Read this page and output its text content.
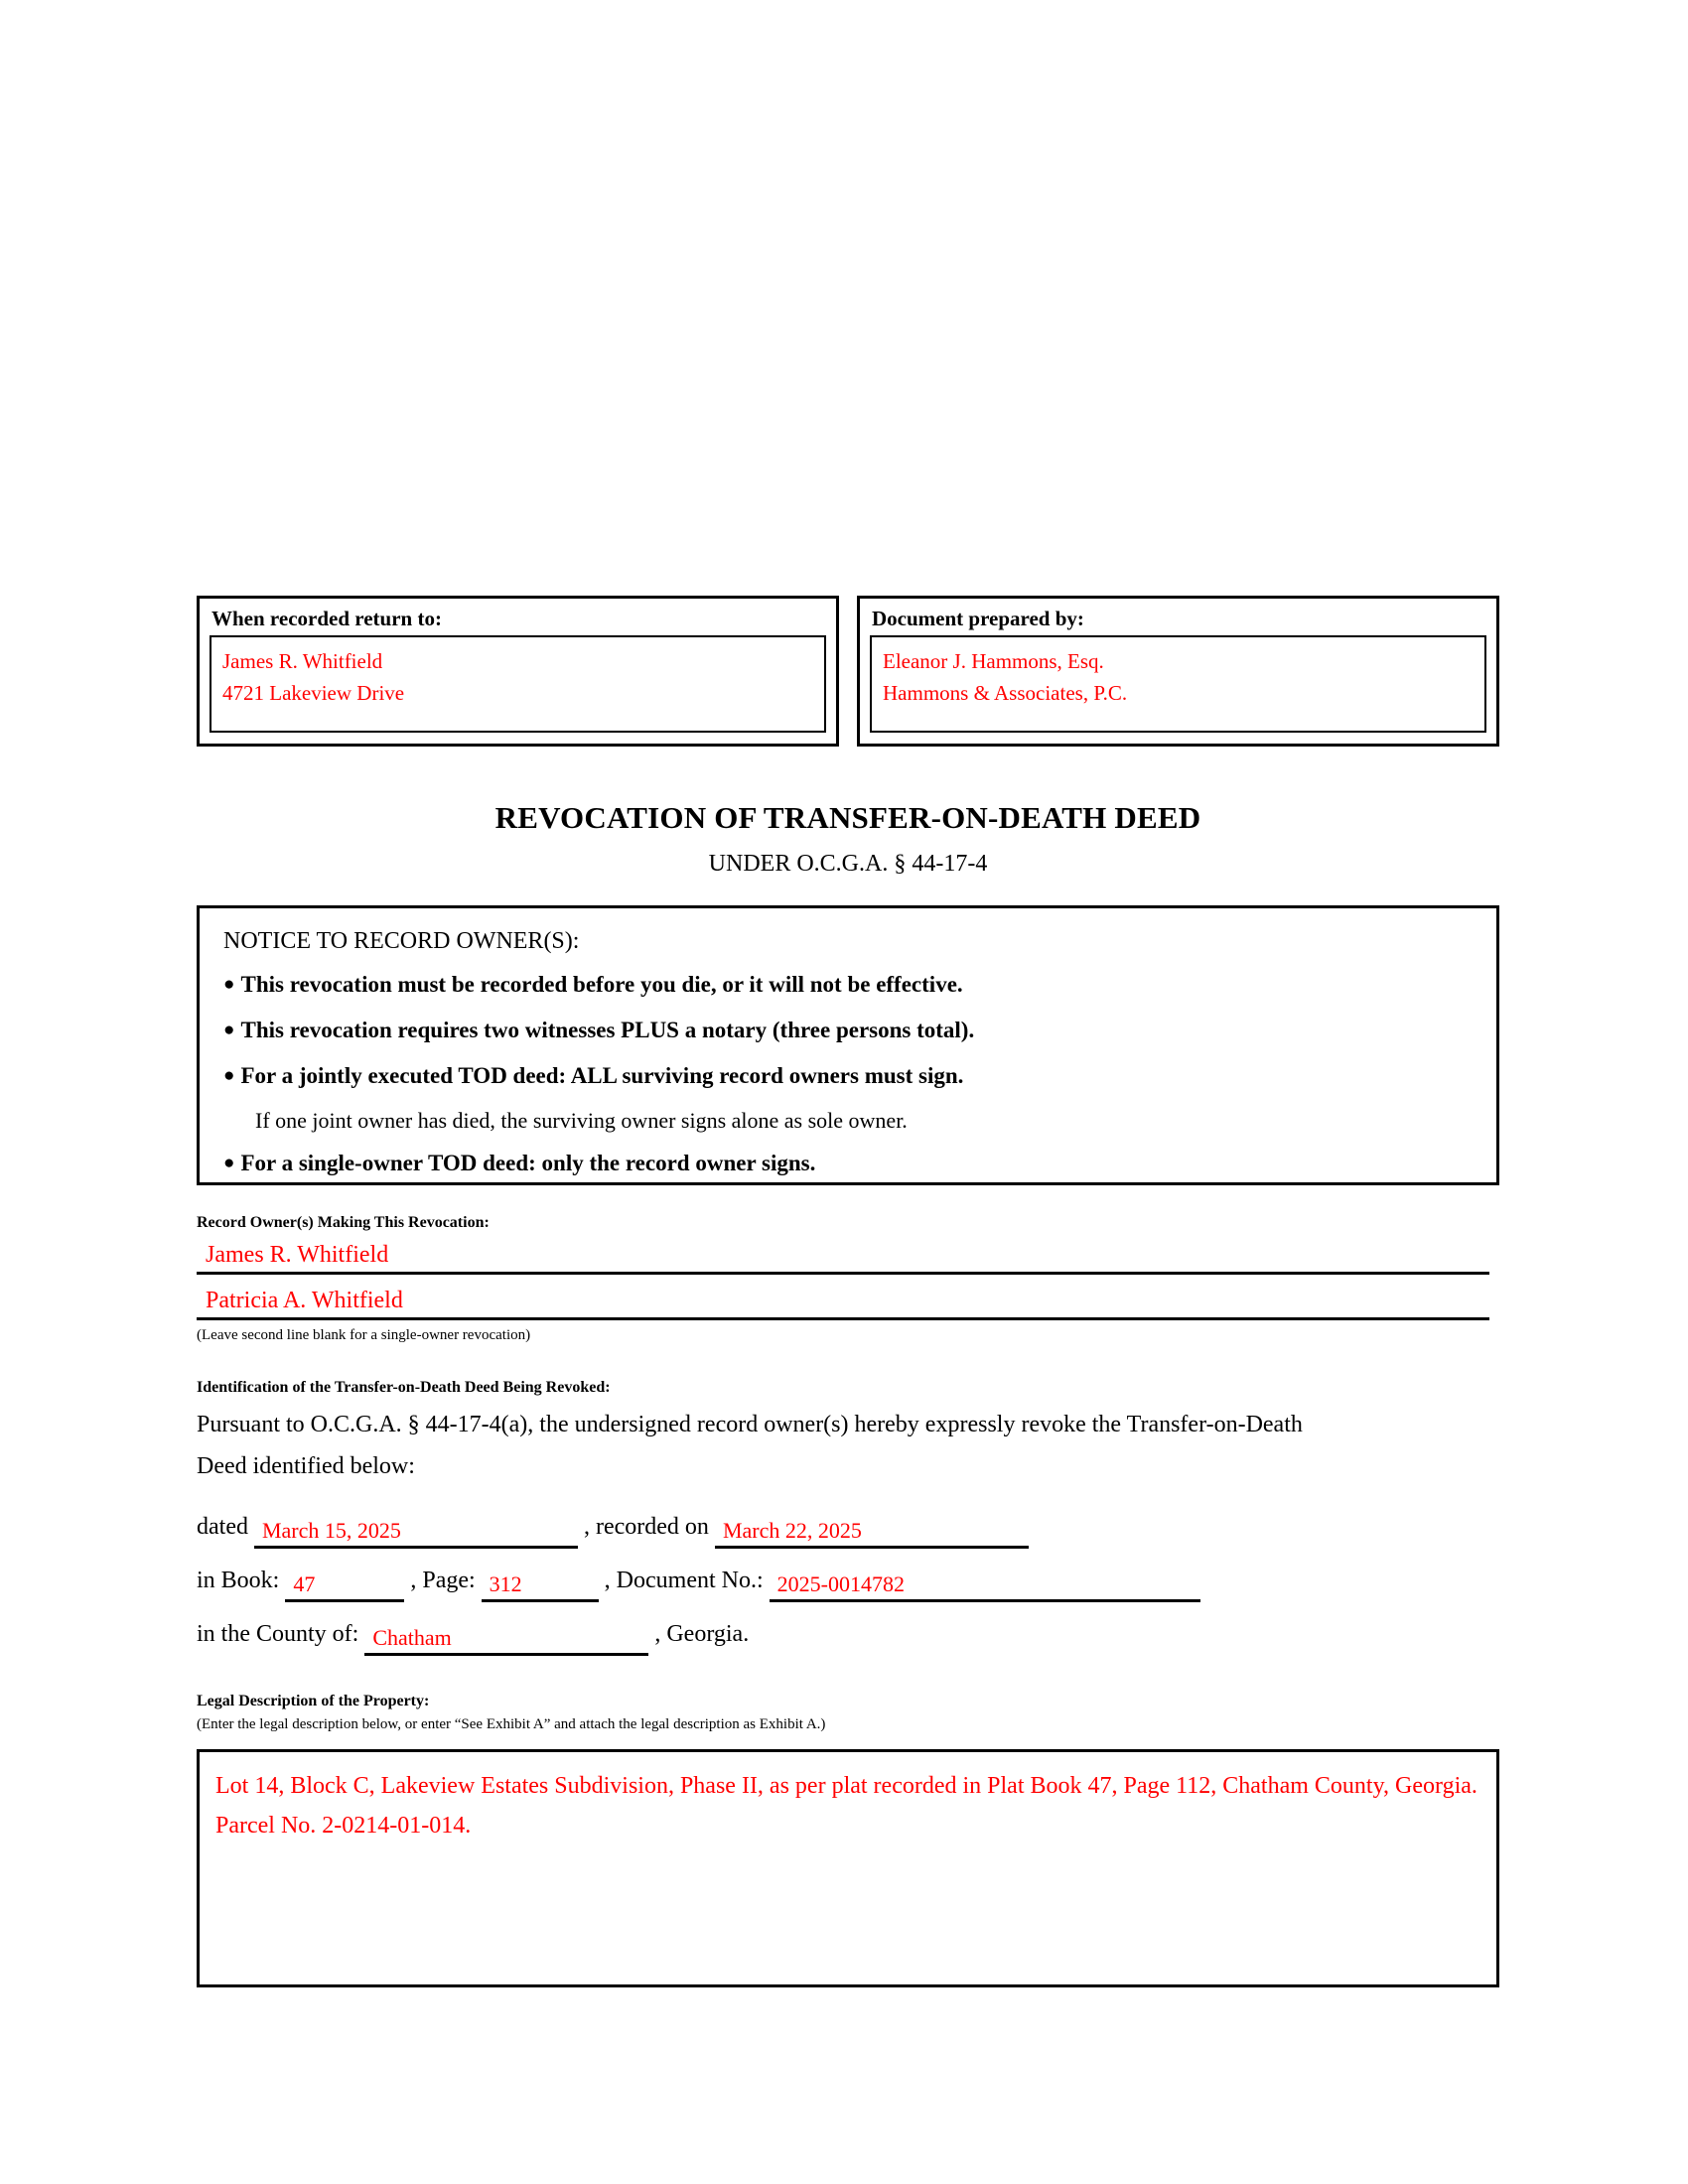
When recorded return to:
James R. Whitfield
4721 Lakeview Drive
Document prepared by:
Eleanor J. Hammons, Esq.
Hammons & Associates, P.C.
REVOCATION OF TRANSFER-ON-DEATH DEED
UNDER O.C.G.A. § 44-17-4
NOTICE TO RECORD OWNER(S):
● This revocation must be recorded before you die, or it will not be effective.
● This revocation requires two witnesses PLUS a notary (three persons total).
● For a jointly executed TOD deed: ALL surviving record owners must sign.
If one joint owner has died, the surviving owner signs alone as sole owner.
● For a single-owner TOD deed: only the record owner signs.
Record Owner(s) Making This Revocation:
James R. Whitfield
Patricia A. Whitfield
(Leave second line blank for a single-owner revocation)
Identification of the Transfer-on-Death Deed Being Revoked:
Pursuant to O.C.G.A. § 44-17-4(a), the undersigned record owner(s) hereby expressly revoke the Transfer-on-Death
Deed identified below:
dated March 15, 2025	, recorded on March 22, 2025
in Book: 47	, Page: 312	, Document No.: 2025-0014782
in the County of: Chatham	, Georgia.
Legal Description of the Property:
(Enter the legal description below, or enter “See Exhibit A” and attach the legal description as Exhibit A.)
Lot 14, Block C, Lakeview Estates Subdivision, Phase II, as per plat recorded in Plat Book 47, Page 112, Chatham County, Georgia. Parcel No. 2-0214-01-014.
